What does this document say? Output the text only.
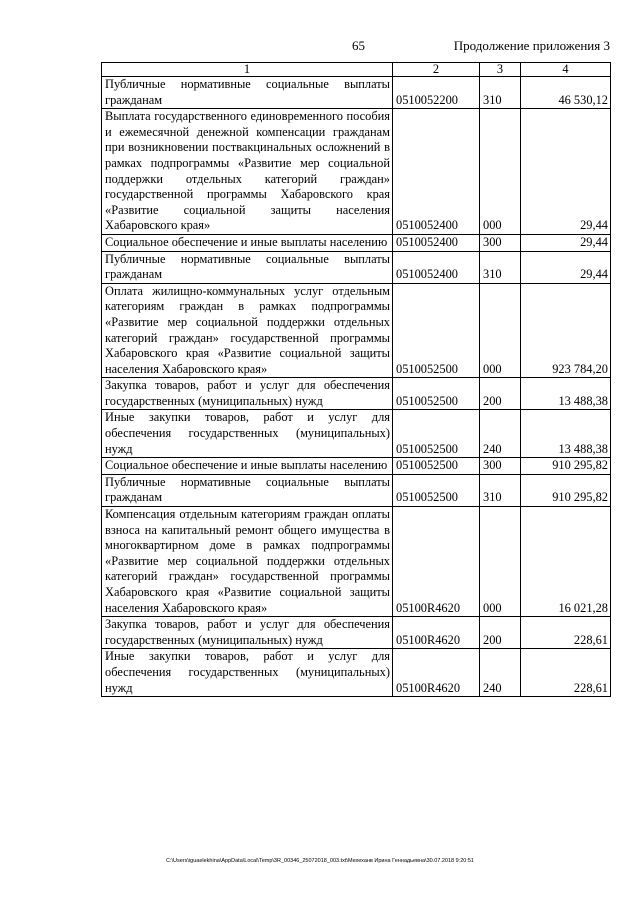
65	Продолжение приложения 3
1	2	3	4
Публичные нормативные социальные выплаты гражданам	0510052200	310	46 530,12
Выплата государственного единовременного пособия и ежемесячной денежной компенсации гражданам при возникновении поствакцинальных осложнений в рамках подпрограммы «Развитие мер социальной поддержки отдельных категорий граждан» государственной программы Хабаровского края «Развитие социальной защиты населения Хабаровского края»	0510052400	000	29,44
Социальное обеспечение и иные выплаты населению	0510052400	300	29,44
Публичные нормативные социальные выплаты гражданам	0510052400	310	29,44
Оплата жилищно-коммунальных услуг отдельным категориям граждан в рамках подпрограммы «Развитие мер социальной поддержки отдельных категорий граждан» государственной программы Хабаровского края «Развитие социальной защиты населения Хабаровского края»	0510052500	000	923 784,20
Закупка товаров, работ и услуг для обеспечения государственных (муниципальных) нужд	0510052500	200	13 488,38
Иные закупки товаров, работ и услуг для обеспечения государственных (муниципальных) нужд	0510052500	240	13 488,38
Социальное обеспечение и иные выплаты населению	0510052500	300	910 295,82
Публичные нормативные социальные выплаты гражданам	0510052500	310	910 295,82
Компенсация отдельным категориям граждан оплаты взноса на капитальный ремонт общего имущества в многоквартирном доме в рамках подпрограммы «Развитие мер социальной поддержки отдельных категорий граждан» государственной программы Хабаровского края «Развитие социальной защиты населения Хабаровского края»	05100R4620	000	16 021,28
Закупка товаров, работ и услуг для обеспечения государственных (муниципальных) нужд	05100R4620	200	228,61
Иные закупки товаров, работ и услуг для обеспечения государственных (муниципальных) нужд	05100R4620	240	228,61
C:\Users\iguaelekhina\AppData\Local\Temp\3R_00346_25072018_003.txt\Мехеханв Ирина Геннадьевна\30.07.2018 9:20:51
